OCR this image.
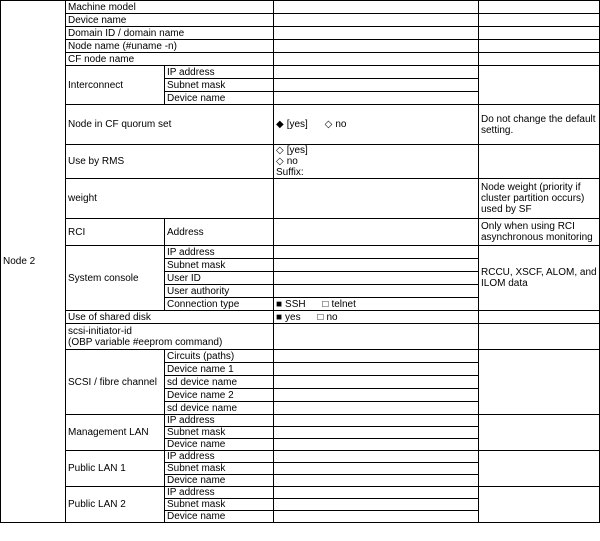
Node 2	Machine model			
	Device name			
	Domain ID / domain name			
	Node name (#uname -n)			
	CF node name			
	Interconnect	IP address		
		Subnet mask		
		Device name		
	Node in CF quorum set		◆ [yes] ◇ no	Do not change the default setting.
	Use by RMS		◇ [yes]
◇ no
Suffix:	

	weight			Node weight (priority if cluster partition occurs) used by SF
	RCI	Address		Only when using RCI asynchronous monitoring
	System console	IP address		RCCU, XSCF, ALOM, and ILOM data
		Subnet mask		
		User ID		
		User authority		
		Connection type	■ SSH □ telnet	
	Use of shared disk		■ yes □ no	

	scsi-initiator-id
(OBP variable #eeprom command)			

	SCSI / fibre channel	Circuits (paths)		
		Device name 1		
		sd device name		
		Device name 2		
		sd device name		
	Management LAN	IP address		
		Subnet mask		
		Device name		
	Public LAN 1	IP address		
		Subnet mask		
		Device name		
	Public LAN 2	IP address		
		Subnet mask		
		Device name		
